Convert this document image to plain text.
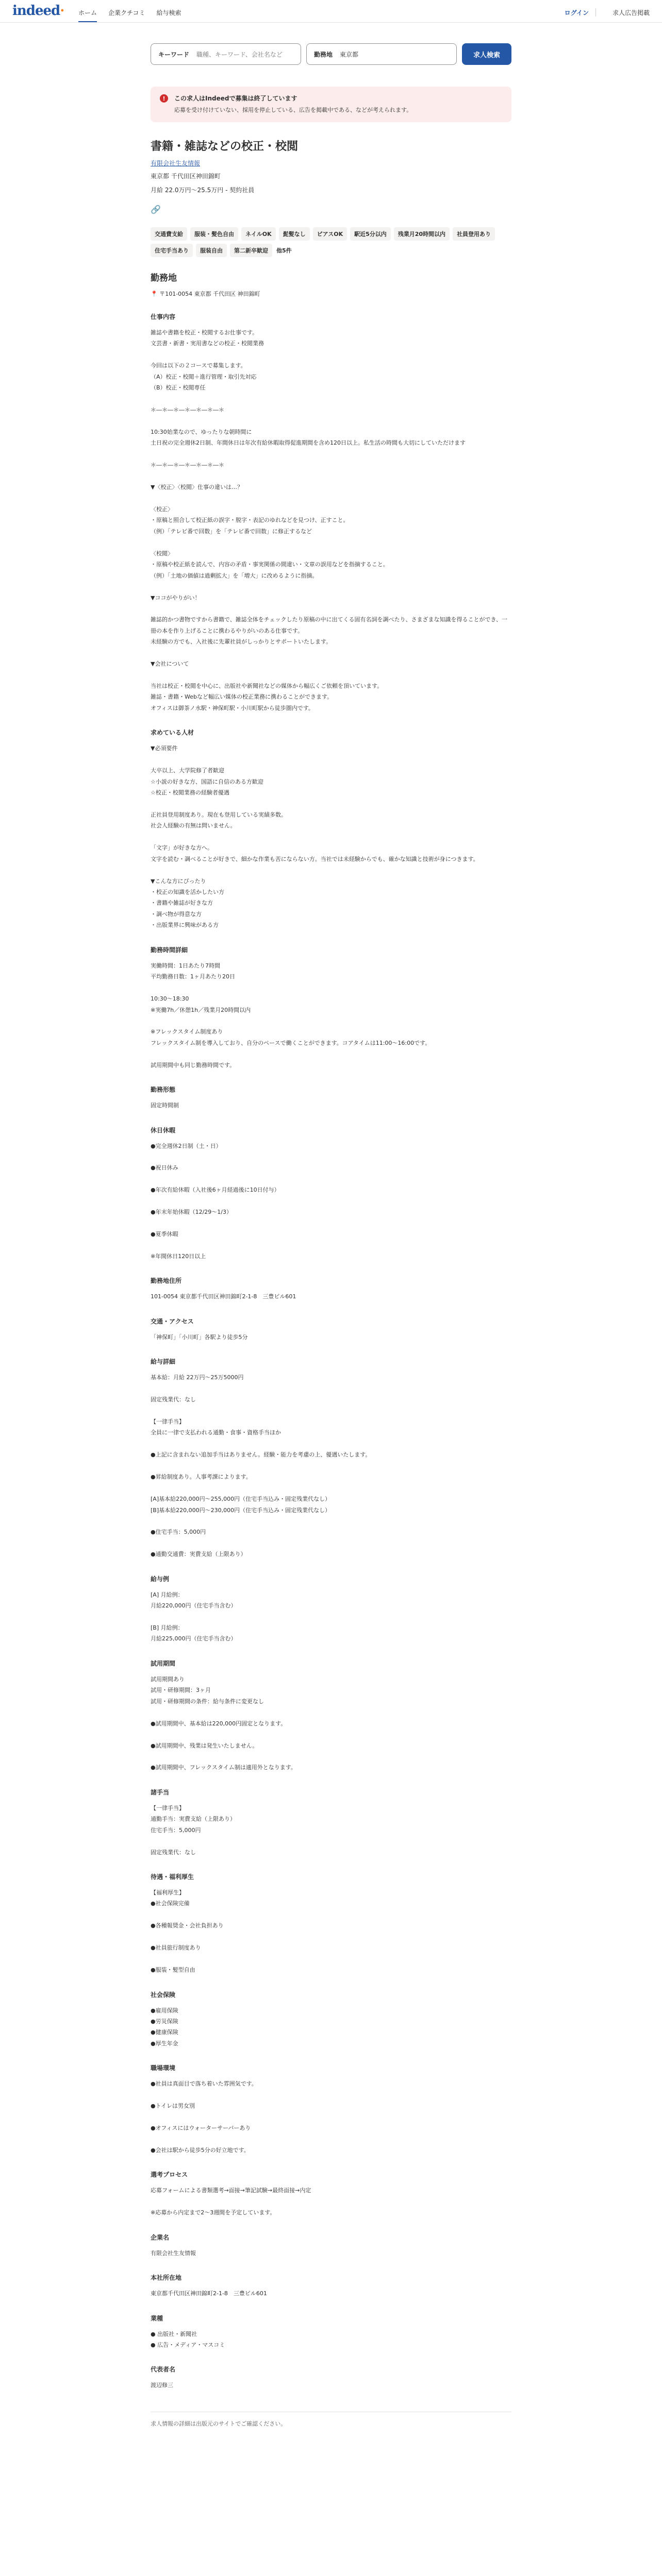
indeed· ホーム 企業クチコミ 給与検索	ログイン	求人広告掲載
キーワード 職種、キーワード、会社名など	勤務地 東京都	求人検索
!	この求人はIndeedで募集は終了しています
応募を受け付けていない、採用を停止している、広告を掲載中である、などが考えられます。
書籍・雑誌などの校正・校閲
有限会社生友情報
東京都 千代田区神田錦町
月給 22.0万円～25.5万円 - 契約社員
🔗
交通費支給	服装・髪色自由	ネイルOK	髭髪なし	ピアスOK	駅近5分以内	残業月20時間以内	社員登用あり
住宅手当あり	服装自由	第二新卒歓迎	他5件
勤務地
📍 〒101-0054 東京都 千代田区 神田錦町
仕事内容
雑誌や書籍を校正・校閲するお仕事です。
文芸書・新書・実用書などの校正・校閲業務

今回は以下の２コースで募集します。
（A）校正・校閲＋進行管理・取引先対応
（B）校正・校閲専任

＊―＊―＊―＊―＊―＊―＊

10:30始業なので、ゆったりな朝時間に
土日祝の完全週休2日制、年間休日は年次有給休暇取得促進期間を含め120日以上。私生活の時間も大切にしていただけます

＊―＊―＊―＊―＊―＊―＊

▼〈校正〉〈校閲〉仕事の違いは…？

〈校正〉
・原稿と照合して校正紙の誤字・脱字・表記のゆれなどを見つけ、正すこと。
（例）「テレビ番で回数」を「テレビ番で回数」に修正するなど

〈校閲〉
・原稿や校正紙を読んで、内容の矛盾・事実関係の間違い・文章の誤用などを指摘すること。
（例）「土地の価値は過剰拡大」を「増大」に改めるように指摘。

▼ココがやりがい！

雑誌的かつ書物ですから書籍で、雑誌全体をチェックしたり原稿の中に出てくる固有名詞を調べたり、さまざまな知識を得ることができ、一冊の本を作り上げることに携わるやりがいのある仕事です。
未経験の方でも、入社後に先輩社員がしっかりとサポートいたします。

▼会社について

当社は校正・校閲を中心に、出版社や新聞社などの媒体から幅広くご依頼を頂いています。
雑誌・書籍・Webなど幅広い媒体の校正業務に携わることができます。
オフィスは御茶ノ水駅・神保町駅・小川町駅から徒歩圏内です。
求めている人材
▼必須要件

大卒以上、大学院修了者歓迎
☆小説の好きな方、国語に自信のある方歓迎
☆校正・校閲業務の経験者優遇

正社員登用制度あり。現在も登用している実績多数。
社会人経験の有無は問いません。

「文字」が好きな方へ。
文字を読む・調べることが好きで、細かな作業も苦にならない方。当社では未経験からでも、確かな知識と技術が身につきます。

▼こんな方にぴったり
・校正の知識を活かしたい方
・書籍や雑誌が好きな方
・調べ物が得意な方
・出版業界に興味がある方
勤務時間詳細
実働時間：1日あたり7時間
平均勤務日数：1ヶ月あたり20日

10:30～18:30
※実働7h／休憩1h／残業月20時間以内

※フレックスタイム制度あり
フレックスタイム制を導入しており、自分のペースで働くことができます。コアタイムは11:00～16:00です。

試用期間中も同じ勤務時間です。
勤務形態
固定時間制
休日休暇
●完全週休2日制（土・日）

●祝日休み

●年次有給休暇（入社後6ヶ月経過後に10日付与）

●年末年始休暇（12/29～1/3）

●夏季休暇

※年間休日120日以上
勤務地住所
101-0054 東京都千代田区神田錦町2-1-8　三豊ビル601
交通・アクセス
「神保町」「小川町」各駅より徒歩5分
給与詳細
基本給：月給 22万円～25万5000円

固定残業代：なし

【一律手当】
全員に一律で支払われる通勤・食事・資格手当ほか

●上記に含まれない追加手当はありません。経験・能力を考慮の上、優遇いたします。

●昇給制度あり。人事考課によります。

[A]基本給220,000円～255,000円（住宅手当込み・固定残業代なし）
[B]基本給220,000円～230,000円（住宅手当込み・固定残業代なし）

●住宅手当：5,000円

●通勤交通費：実費支給（上限あり）
給与例
[A] 月給例：
月給220,000円（住宅手当含む）

[B] 月給例：
月給225,000円（住宅手当含む）
試用期間
試用期間あり
試用・研修期間：3ヶ月
試用・研修期間の条件：給与条件に変更なし

●試用期間中、基本給は220,000円固定となります。

●試用期間中、残業は発生いたしません。

●試用期間中、フレックスタイム制は適用外となります。
諸手当
【一律手当】
通勤手当：実費支給（上限あり）
住宅手当：5,000円

固定残業代：なし
待遇・福利厚生
【福利厚生】
●社会保険完備

●各種報奨金・会社負担あり

●社員旅行制度あり

●服装・髪型自由
社会保険
●雇用保険
●労災保険
●健康保険
●厚生年金
職場環境
●社員は真面目で落ち着いた雰囲気です。

●トイレは男女別

●オフィスにはウォーターサーバーあり

●会社は駅から徒歩5分の好立地です。
選考プロセス
応募フォームによる書類選考→面接→筆記試験→最終面接→内定

※応募から内定まで2～3週間を予定しています。
企業名
有限会社生友情報
本社所在地
東京都千代田区神田錦町2-1-8　三豊ビル601
業種
● 出版社・新聞社
● 広告・メディア・マスコミ
代表者名
渡辺修三
求人情報の詳細は出版元のサイトでご確認ください。
